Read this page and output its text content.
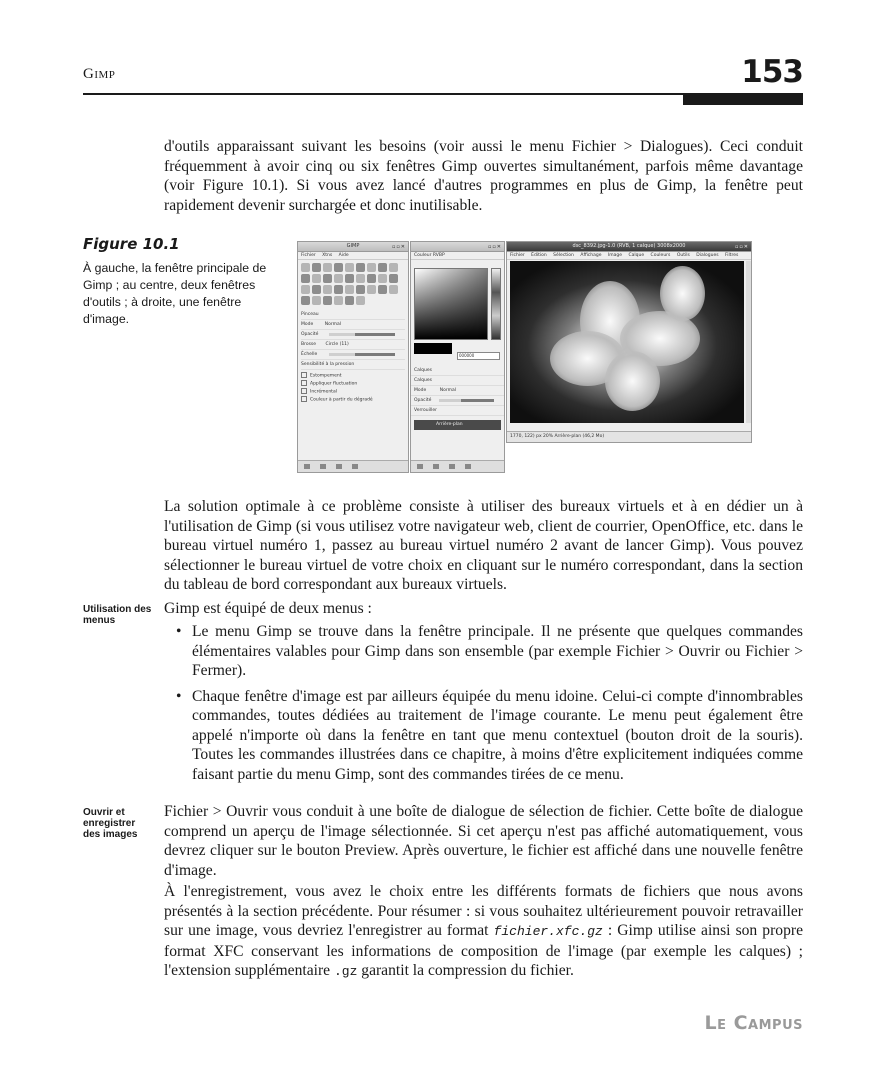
Gimp	153

d'outils apparaissant suivant les besoins (voir aussi le menu Fichier > Dialogues). Ceci conduit fréquemment à avoir cinq ou six fenêtres Gimp ouvertes simultanément, parfois même davantage (voir Figure 10.1). Si vous avez lancé d'autres programmes en plus de Gimp, la fenêtre peut rapidement devenir surchargée et donc inutilisable.

Figure 10.1
À gauche, la fenêtre principale de Gimp ; au centre, deux fenêtres d'outils ; à droite, une fenêtre d'image.
GIMP	▫▫✕
Fichier Xtns Aide
Pinceau
Mode	Normal
Opacité
Brosse Circle (11)
Échelle
Sensibilité à la pression
Estompement
Appliquer fluctuation
Incrémental
Couleur à partir du dégradé
▫▫✕
Couleur RVBP
000000
Calques
Calques
Mode	Normal
Opacité
Verrouiller
Arrière-plan
dsc_8392.jpg-1.0 (RVB, 1 calque) 3008x2000	▫▫✕
Fichier Édition Sélection Affichage Image Calque Couleurs Outils Dialogues Filtres
1770, 122) px 20% Arrière-plan (46,2 Mo)

La solution optimale à ce problème consiste à utiliser des bureaux virtuels et à en dédier un à l'utilisation de Gimp (si vous utilisez votre navigateur web, client de courrier, OpenOffice, etc. dans le bureau virtuel numéro 1, passez au bureau virtuel numéro 2 avant de lancer Gimp). Vous pouvez sélectionner le bureau virtuel de votre choix en cliquant sur le numéro correspondant, dans la section du tableau de bord correspondant aux bureaux virtuels.

Utilisation des menus

Gimp est équipé de deux menus :

• Le menu Gimp se trouve dans la fenêtre principale. Il ne présente que quelques commandes élémentaires valables pour Gimp dans son ensemble (par exemple Fichier > Ouvrir ou Fichier > Fermer).
• Chaque fenêtre d'image est par ailleurs équipée du menu idoine. Celui-ci compte d'innombrables commandes, toutes dédiées au traitement de l'image courante. Le menu peut également être appelé n'importe où dans la fenêtre en tant que menu contextuel (bouton droit de la souris). Toutes les commandes illustrées dans ce chapitre, à moins d'être explicitement indiquées comme faisant partie du menu Gimp, sont des commandes tirées de ce menu.
Ouvrir et enregistrer des images

Fichier > Ouvrir vous conduit à une boîte de dialogue de sélection de fichier. Cette boîte de dialogue comprend un aperçu de l'image sélectionnée. Si cet aperçu n'est pas affiché automatiquement, vous devrez cliquer sur le bouton Preview. Après ouverture, le fichier est affiché dans une nouvelle fenêtre d'image.

À l'enregistrement, vous avez le choix entre les différents formats de fichiers que nous avons présentés à la section précédente. Pour résumer : si vous souhaitez ultérieurement pouvoir retravailler sur une image, vous devriez l'enregistrer au format fichier.xfc.gz : Gimp utilise ainsi son propre format XFC conservant les informations de composition de l'image (par exemple les calques) ; l'extension supplémentaire .gz garantit la compression du fichier.

Le Campus
